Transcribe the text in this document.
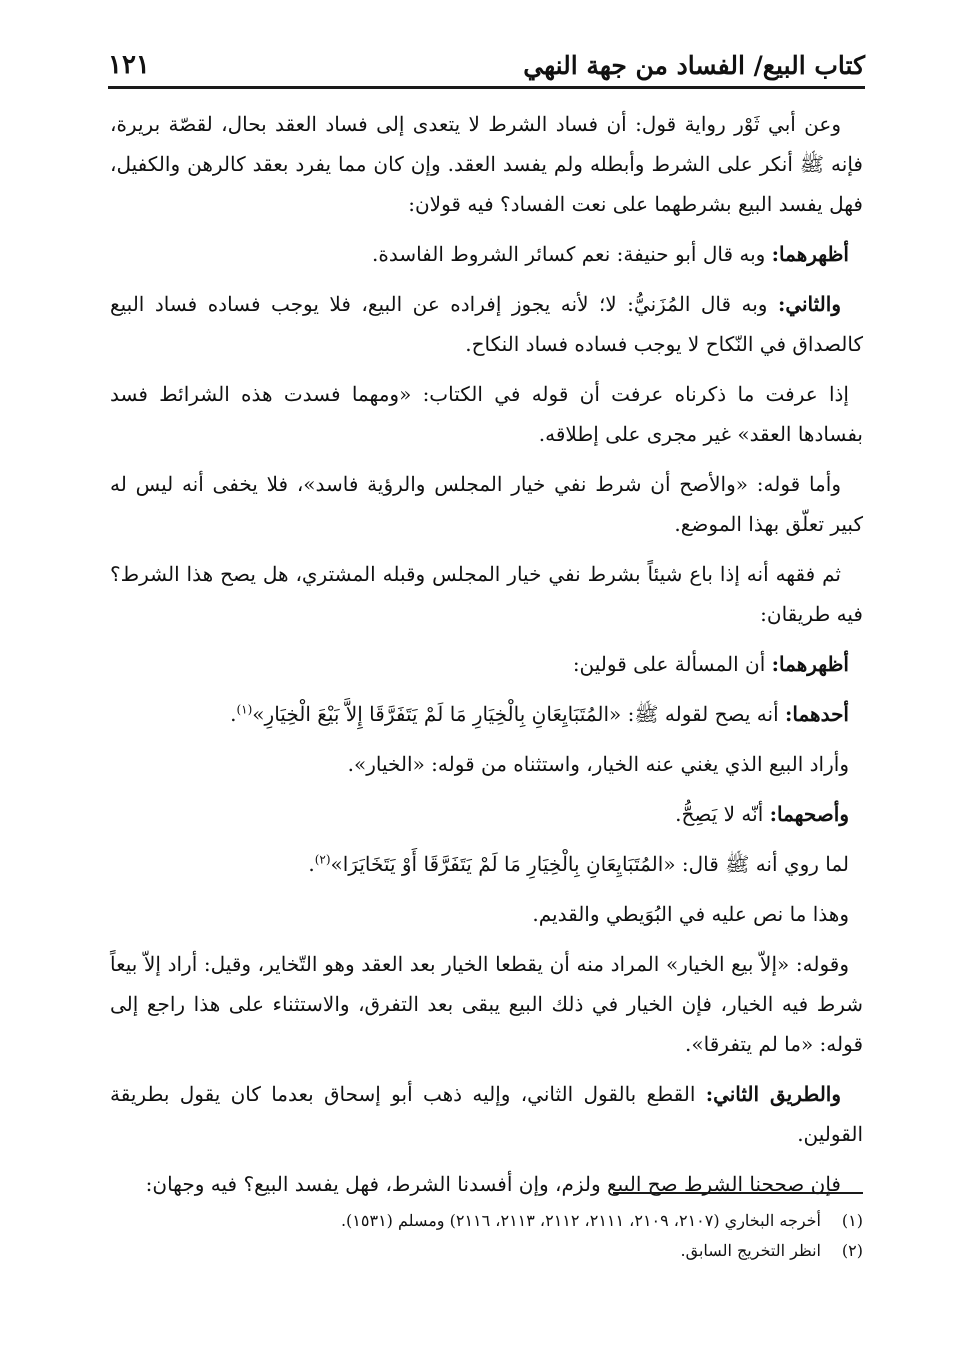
كتاب البيع/ الفساد من جهة النهي
١٢١

وعن أبي ثَوْر رواية قول: أن فساد الشرط لا يتعدى إلى فساد العقد بحال، لقصّة بريرة، فإنه ﷺ أنكر على الشرط وأبطله ولم يفسد العقد. وإن كان مما يفرد بعقد كالرهن والكفيل، فهل يفسد البيع بشرطهما على نعت الفساد؟ فيه قولان:

أظهرهما: وبه قال أبو حنيفة: نعم كسائر الشروط الفاسدة.

والثاني: وبه قال المُزَنيُّ: لا؛ لأنه يجوز إفراده عن البيع، فلا يوجب فساده فساد البيع كالصداق في النّكاح لا يوجب فساده فساد النكاح.

إذا عرفت ما ذكرناه عرفت أن قوله في الكتاب: «ومهما فسدت هذه الشرائط فسد بفسادها العقد» غير مجرى على إطلاقه.

وأما قوله: «والأصح أن شرط نفي خيار المجلس والرؤية فاسد»، فلا يخفى أنه ليس له كبير تعلّق بهذا الموضع.

ثم فقهه أنه إذا باع شيئاً بشرط نفي خيار المجلس وقبله المشتري، هل يصح هذا الشرط؟ فيه طريقان:

أظهرهما: أن المسألة على قولين:

أحدهما: أنه يصح لقوله ﷺ: «المُتَبَايِعَانِ بِالْخِيَارِ مَا لَمْ يَتَفَرَّقَا إِلاَّ بَيْعَ الْخِيَارِ»$^{(١)}$.

وأراد البيع الذي يغني عنه الخيار، واستثناه من قوله: «الخيار».

وأصحهما: أنّه لا يَصِحُّ.

لما روي أنه ﷺ قال: «المُتَبَايِعَانِ بِالْخِيَارِ مَا لَمْ يَتَفَرَّقَا أَوْ يَتَخَايَرَا»$^{(٢)}$.

وهذا ما نص عليه في البُوَيطي والقديم.

وقوله: «إلاّ بيع الخيار» المراد منه أن يقطعا الخيار بعد العقد وهو التّخاير، وقيل: أراد إلاّ بيعاً شرط فيه الخيار، فإن الخيار في ذلك البيع يبقى بعد التفرق، والاستثناء على هذا راجع إلى قوله: «ما لم يتفرقا».

والطريق الثاني: القطع بالقول الثاني، وإليه ذهب أبو إسحاق بعدما كان يقول بطريقة القولين.

فإن صححنا الشرط صح البيع ولزم، وإن أفسدنا الشرط، فهل يفسد البيع؟ فيه وجهان:

(١)
أخرجه البخاري (٢١٠٧، ٢١٠٩، ٢١١١، ٢١١٢، ٢١١٣، ٢١١٦) ومسلم (١٥٣١).
(٢)
انظر التخريج السابق.
